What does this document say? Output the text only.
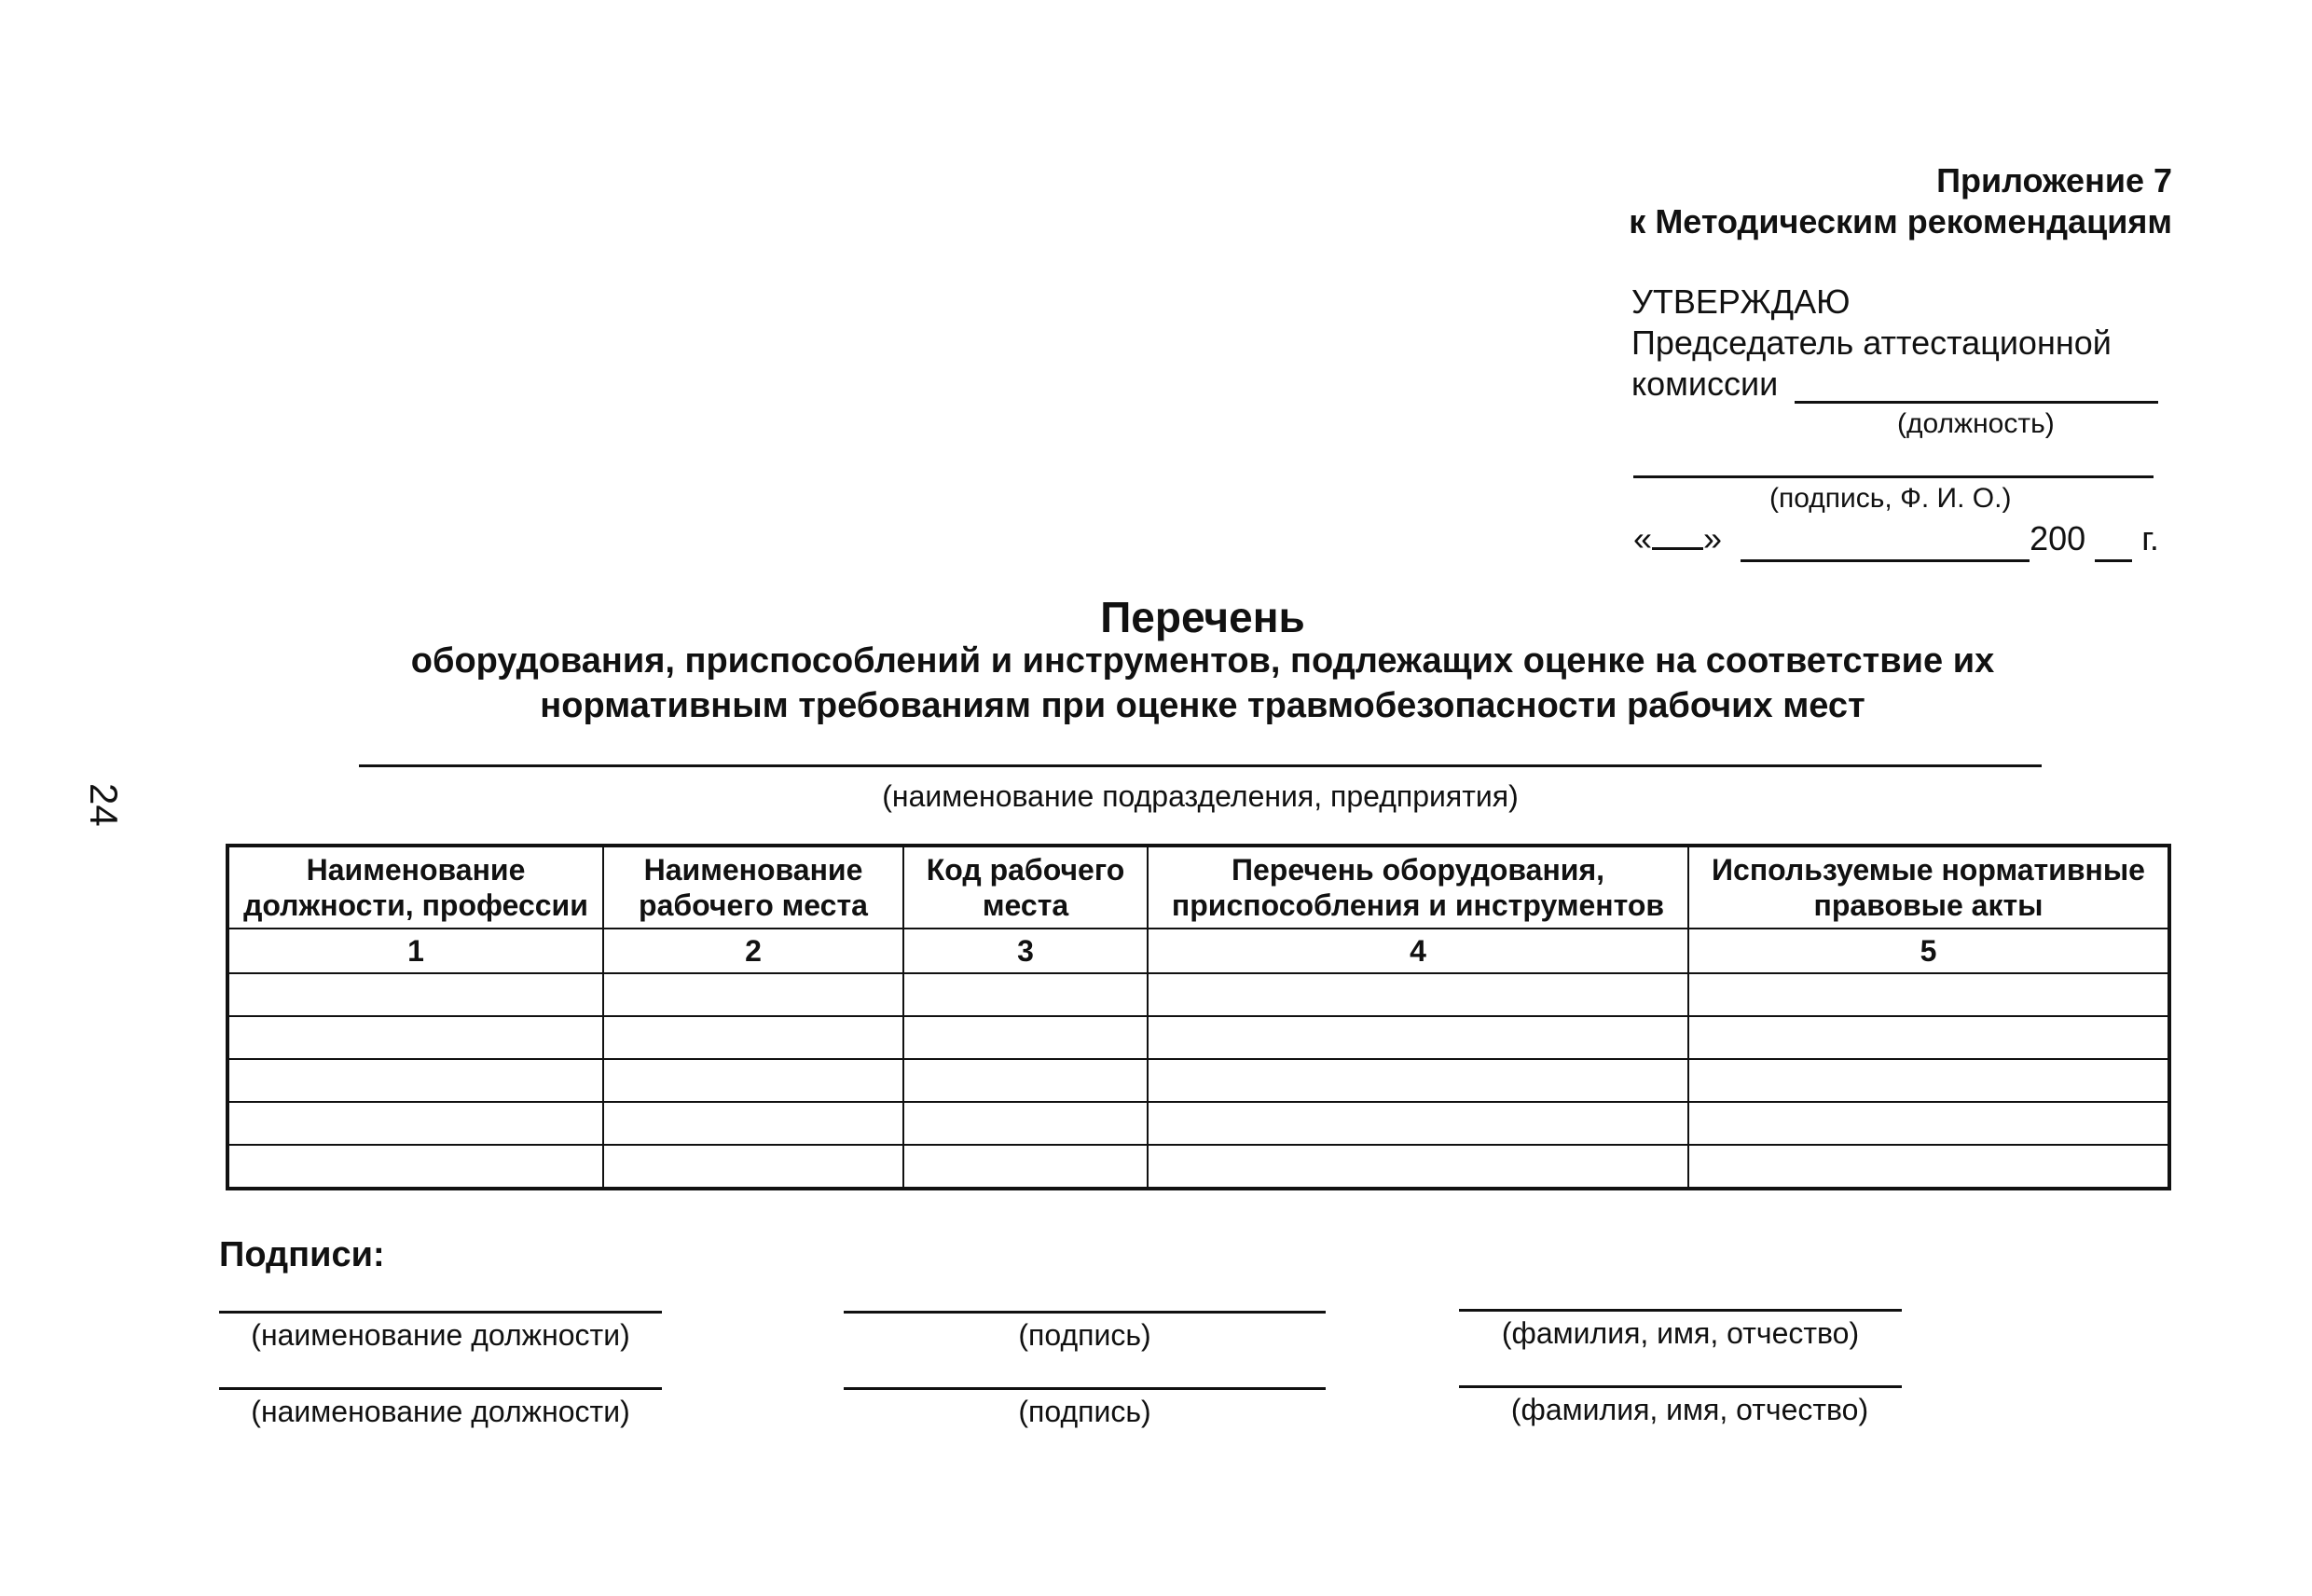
Приложение 7
к Методическим рекомендациям
УТВЕРЖДАЮ
Председатель аттестационной
комиссии
(должность)
(подпись, Ф. И. О.)
« »	200 г.
24
Перечень
оборудования, приспособлений и инструментов, подлежащих оценке на соответствие их
нормативным требованиям при оценке травмобезопасности рабочих мест
(наименование подразделения, предприятия)
Наименование должности, профессии	Наименование рабочего места	Код рабочего места	Перечень оборудования, приспособления и инструментов	Используемые нормативные правовые акты
1	2	3	4	5

Подписи:
(наименование должности)	(подпись)	(фамилия, имя, отчество)
(наименование должности)	(подпись)	(фамилия, имя, отчество)
